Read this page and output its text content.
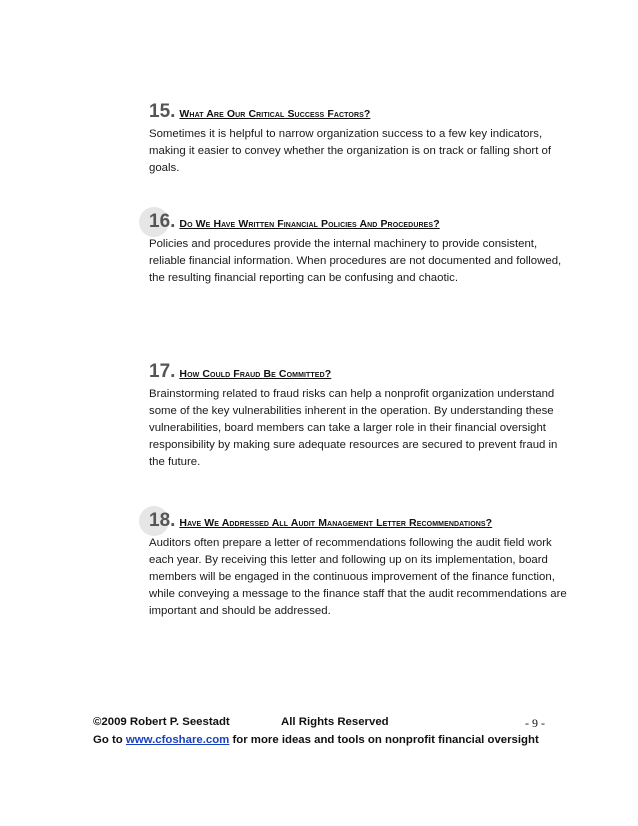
15. What Are Our Critical Success Factors?
Sometimes it is helpful to narrow organization success to a few key indicators, making it easier to convey whether the organization is on track or falling short of goals.
16. Do We Have Written Financial Policies And Procedures?
Policies and procedures provide the internal machinery to provide consistent, reliable financial information. When procedures are not documented and followed, the resulting financial reporting can be confusing and chaotic.
17. How Could Fraud Be Committed?
Brainstorming related to fraud risks can help a nonprofit organization understand some of the key vulnerabilities inherent in the operation. By understanding these vulnerabilities, board members can take a larger role in their financial oversight responsibility by making sure adequate resources are secured to prevent fraud in the future.
18. Have We Addressed All Audit Management Letter Recommendations?
Auditors often prepare a letter of recommendations following the audit field work each year. By receiving this letter and following up on its implementation, board members will be engaged in the continuous improvement of the finance function, while conveying a message to the finance staff that the audit recommendations are important and should be addressed.
©2009 Robert P. Seestadt	All Rights Reserved	- 9 -
Go to www.cfoshare.com for more ideas and tools on nonprofit financial oversight
